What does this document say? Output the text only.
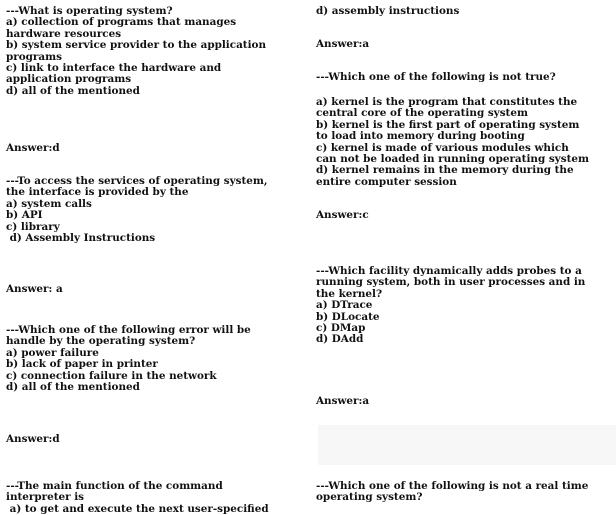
---What is operating system?
a) collection of programs that manages
hardware resources
b) system service provider to the application
programs
c) link to interface the hardware and
application programs
d) all of the mentioned
Answer:d
---To access the services of operating system,
the interface is provided by the
a) system calls
b) API
c) library
d) Assembly Instructions
Answer: a
---Which one of the following error will be
handle by the operating system?
a) power failure
b) lack of paper in printer
c) connection failure in the network
d) all of the mentioned
Answer:d
---The main function of the command
interpreter is
a) to get and execute the next user-specified
d) assembly instructions
Answer:a
---Which one of the following is not true?
a) kernel is the program that constitutes the
central core of the operating system
b) kernel is the first part of operating system
to load into memory during booting
c) kernel is made of various modules which
can not be loaded in running operating system
d) kernel remains in the memory during the
entire computer session
Answer:c
---Which facility dynamically adds probes to a
running system, both in user processes and in
the kernel?
a) DTrace
b) DLocate
c) DMap
d) DAdd
Answer:a
---Which one of the following is not a real time
operating system?
